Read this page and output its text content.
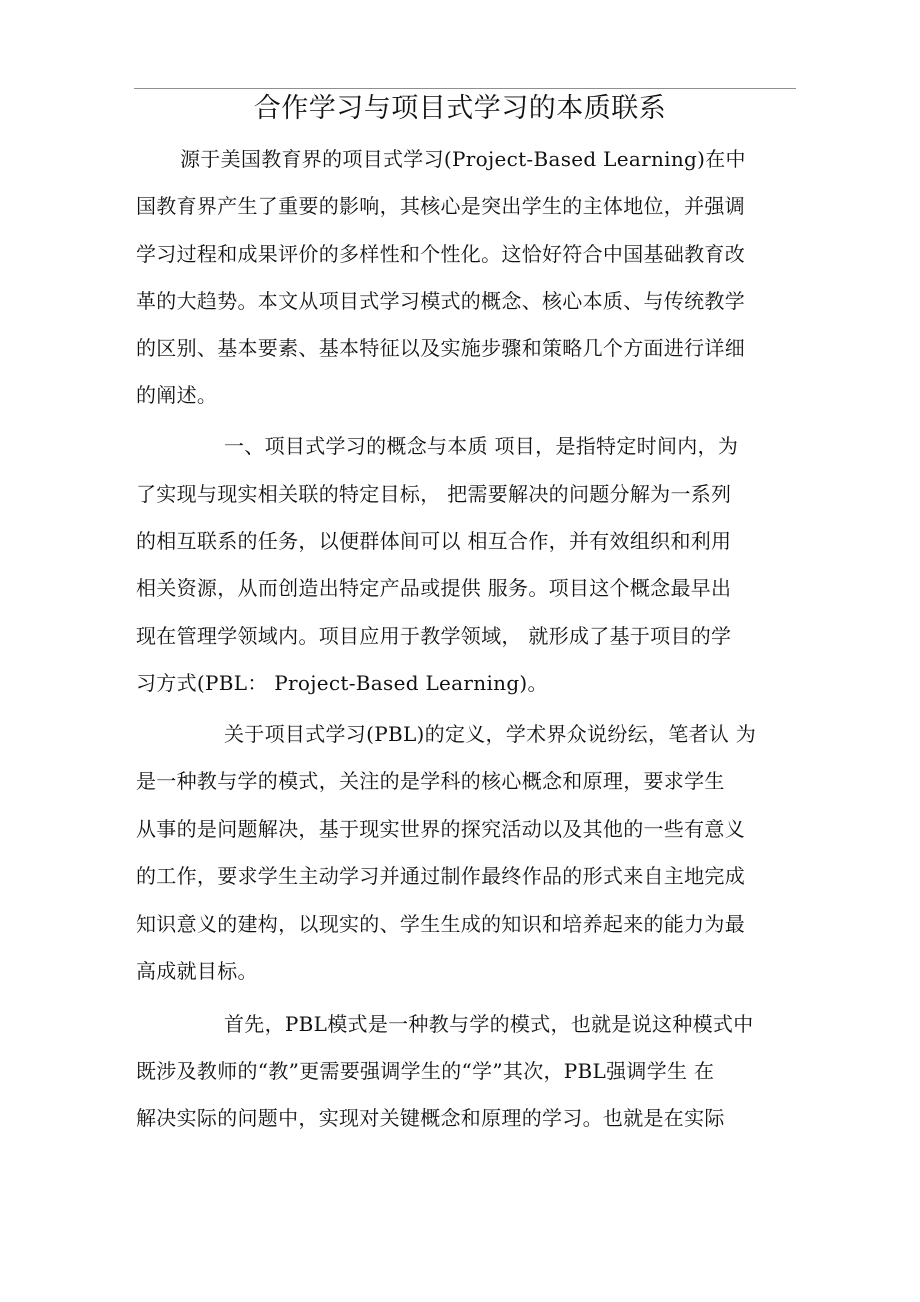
合作学习与项目式学习的本质联系
源于美国教育界的项目式学习(Project-Based Learning)在中
国教育界产生了重要的影响，其核心是突出学生的主体地位，并强调
学习过程和成果评价的多样性和个性化。这恰好符合中国基础教育改
革的大趋势。本文从项目式学习模式的概念、核心本质、与传统教学
的区别、基本要素、基本特征以及实施步骤和策略几个方面进行详细
的阐述。
一、项目式学习的概念与本质 项目，是指特定时间内，为
了实现与现实相关联的特定目标， 把需要解决的问题分解为一系列
的相互联系的任务，以便群体间可以 相互合作，并有效组织和利用
相关资源，从而创造出特定产品或提供 服务。项目这个概念最早出
现在管理学领域内。项目应用于教学领域， 就形成了基于项目的学
习方式(PBL： Project-Based Learning)。
关于项目式学习(PBL)的定义，学术界众说纷纭，笔者认 为
是一种教与学的模式，关注的是学科的核心概念和原理，要求学生
从事的是问题解决，基于现实世界的探究活动以及其他的一些有意义
的工作，要求学生主动学习并通过制作最终作品的形式来自主地完成
知识意义的建构，以现实的、学生生成的知识和培养起来的能力为最
高成就目标。
首先，PBL模式是一种教与学的模式，也就是说这种模式中
既涉及教师的“教”更需要强调学生的“学”其次，PBL强调学生 在
解决实际的问题中，实现对关键概念和原理的学习。也就是在实际
